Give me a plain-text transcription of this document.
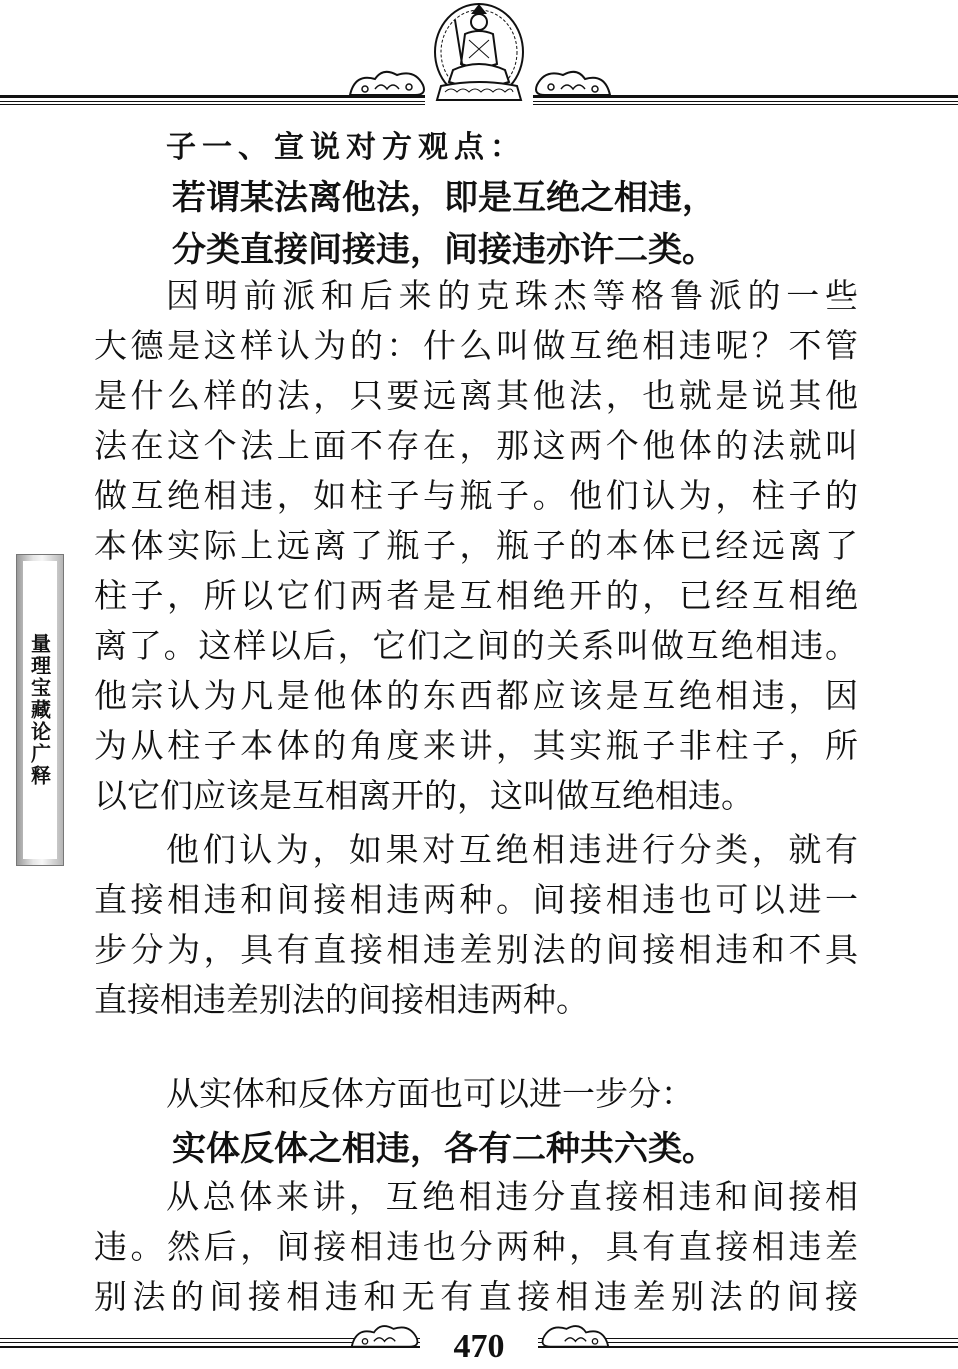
量理宝藏论广释
子一、宣说对方观点：
若谓某法离他法，即是互绝之相违，
分类直接间接违，间接违亦许二类。
因明前派和后来的克珠杰等格鲁派的一些
大德是这样认为的：什么叫做互绝相违呢？不管
是什么样的法，只要远离其他法，也就是说其他
法在这个法上面不存在，那这两个他体的法就叫
做互绝相违，如柱子与瓶子。他们认为，柱子的
本体实际上远离了瓶子，瓶子的本体已经远离了
柱子，所以它们两者是互相绝开的，已经互相绝
离了。这样以后，它们之间的关系叫做互绝相违。
他宗认为凡是他体的东西都应该是互绝相违，因
为从柱子本体的角度来讲，其实瓶子非柱子，所
以它们应该是互相离开的，这叫做互绝相违。
他们认为，如果对互绝相违进行分类，就有
直接相违和间接相违两种。间接相违也可以进一
步分为，具有直接相违差别法的间接相违和不具
直接相违差别法的间接相违两种。
从实体和反体方面也可以进一步分：
实体反体之相违，各有二种共六类。
从总体来讲，互绝相违分直接相违和间接相
违。然后，间接相违也分两种，具有直接相违差
别法的间接相违和无有直接相违差别法的间接
470
